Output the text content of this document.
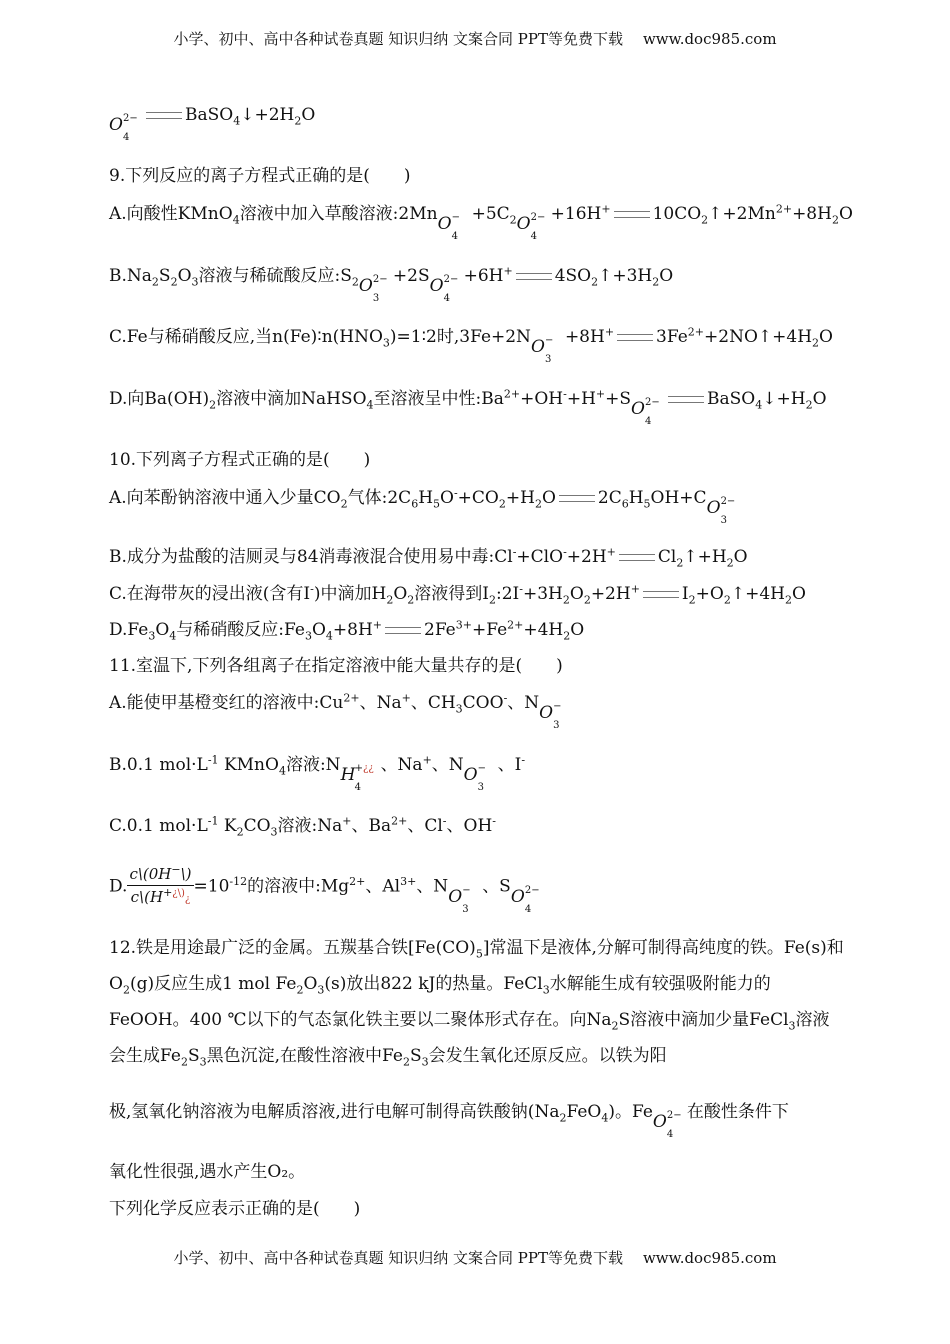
小学、初中、高中各种试卷真题 知识归纳 文案合同 PPT等免费下载 www.doc985.com
O 2−
4
$BaSO_4↓+2H_2O$
9.下列反应的离子方程式正确的是(　　)
A.向酸性KMnO$_4$溶液中加入草酸溶液:2Mn O −
4
$+5C_2$ O 2−
4
+16H+ $10CO_2↑+2Mn^{2+}+8H_2O$
$B.Na_2S_2O_3$溶液与稀硫酸反应$:S_2$ O 2−
3
+2S O 2−
4
+6H+ $4SO_2↑+3H_2O$
C.Fe与稀硝酸反应,当$n(Fe)∶n(HNO_3)=1∶2$时,3Fe+2N O −
3
+8H+ $3Fe^{2+}+2NO↑+4H_2O$
D.向$Ba(OH)_2$溶液中滴加NaHSO$_4$至溶液呈中性$:Ba^{2+}+OH^-+H^++S$ O 2−
4
$BaSO_4↓+H_2O$
10.下列离子方程式正确的是(　　)
A.向苯酚钠溶液中通入少量$CO_2$气体$:2C_6H_5O^-+CO_2+H_2O$ $2C_6H_5OH+C$ O 2−
3
B.成分为盐酸的洁厕灵与84消毒液混合使用易中毒:Cl-+ClO-+2H+ $Cl_2↑+H_2O$
C.在海带灰的浸出液(含有I-)中滴加$H_2O_2$溶液得到$I_2:2I^-+3H_2O_2+2H^+$ $I_2+O_2↑+4H_2O$
$D.Fe_3O_4$与稀硝酸反应$:Fe_3O_4+8H^+$ $2Fe^{3+}+Fe^{2+}+4H_2O$
11.室温下,下列各组离子在指定溶液中能大量共存的是(　　)
A.能使甲基橙变红的溶液中$:Cu^{2+}$、Na+、$CH_3COO^-$、N O −
3
B.0.1 $mol\cdot L^{-1}$ KMnO$_4$溶液:N H +¿¿
4
、Na+、N O −
3
、I-
C.0.1 $mol\cdot L^{-1}$ $K_2CO_3$溶液:Na+、$Ba^{2+}$、Cl-、OH-
D. $\frac{c\backslash(0H^-\backslash)}{c\backslash(H^{+¿\backslash)}¿} =10^{-12}$的溶液中$:Mg^{2+}$、$Al^{3+}$、N O −
3
、S O 2−
4
12.铁是用途最广泛的金属。五羰基合铁$[Fe(CO)_5]$常温下是液体,分解可制得高纯度的铁。Fe(s)和$O_2(g)$反应生成1 mol $Fe_2O_3(s)$放出822 kJ的热量。FeCl$_3$水解能生成有较强吸附能力的FeOOH。400 ℃以下的气态氯化铁主要以二聚体形式存在。向$Na_2S$溶液中滴加少量FeCl$_3$溶液会生成$Fe_2S_3$黑色沉淀,在酸性溶液中$Fe_2S_3$会发生氧化还原反应。以铁为阳
极,氢氧化钠溶液为电解质溶液,进行电解可制得高铁酸钠$(Na_2FeO_4)$。Fe O 2−
4
在酸性条件下
氧化性很强,遇水产生O₂。
下列化学反应表示正确的是(　　)
小学、初中、高中各种试卷真题 知识归纳 文案合同 PPT等免费下载 www.doc985.com
